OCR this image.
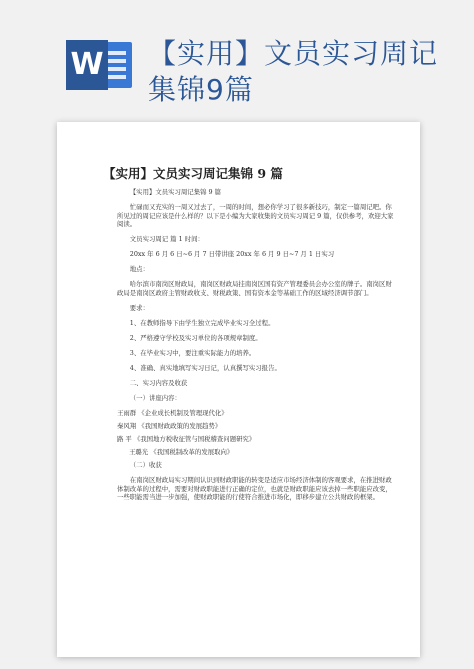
W 【实用】文员实习周记
集锦9篇
【实用】文员实习周记集锦 9 篇

【实用】文员实习周记集锦 9 篇

忙碌而又充实的一周又过去了，一周的时间，想必你学习了很多新技巧，制定一篇周记吧。你所见过的周记应该是什么样的？以下是小编为大家收集的文员实习周记 9 篇，仅供参考，欢迎大家阅读。

文员实习周记 篇 1 时间：

20xx 年 6 月 6 日~6 月 7 日带讲座 20xx 年 6 月 9 日~7 月 1 日实习

地点：

哈尔滨市南岗区财政局，南岗区财政局挂南岗区国有资产管理委员会办公室的牌子。南岗区财政局是南岗区政府主管财政收支、财税政策、国有资本金等基础工作的区域经济调节部门。

要求：

1、在教师指导下由学生独立完成毕业实习全过程。

2、严格遵守学校及实习单位的各项规章制度。

3、在毕业实习中，要注重实际能力的培养。

4、准确、真实地填写实习日记，认真撰写实习报告。

二、实习内容及收获

（一）讲座内容：

王雨群 《企业成长机制及管理现代化》

秦风翔 《我国财政政策的发展趋势》

路 平 《我国地方税收征管与国税稽查问题研究》

王璐光 《我国税制改革的发展取向》

（二）收获

在南岗区财政局实习期间认识到财政职能的转变是适应市场经济体制的客观要求，在推进财政体制改革的过程中，需要对财政职能进行正确的定位，也就是财政职能应该去掉一些职能应改变，一些职能需当进一步加强，使财政职能的行使符合推进市场化，即移步建立公共财政的框架。
